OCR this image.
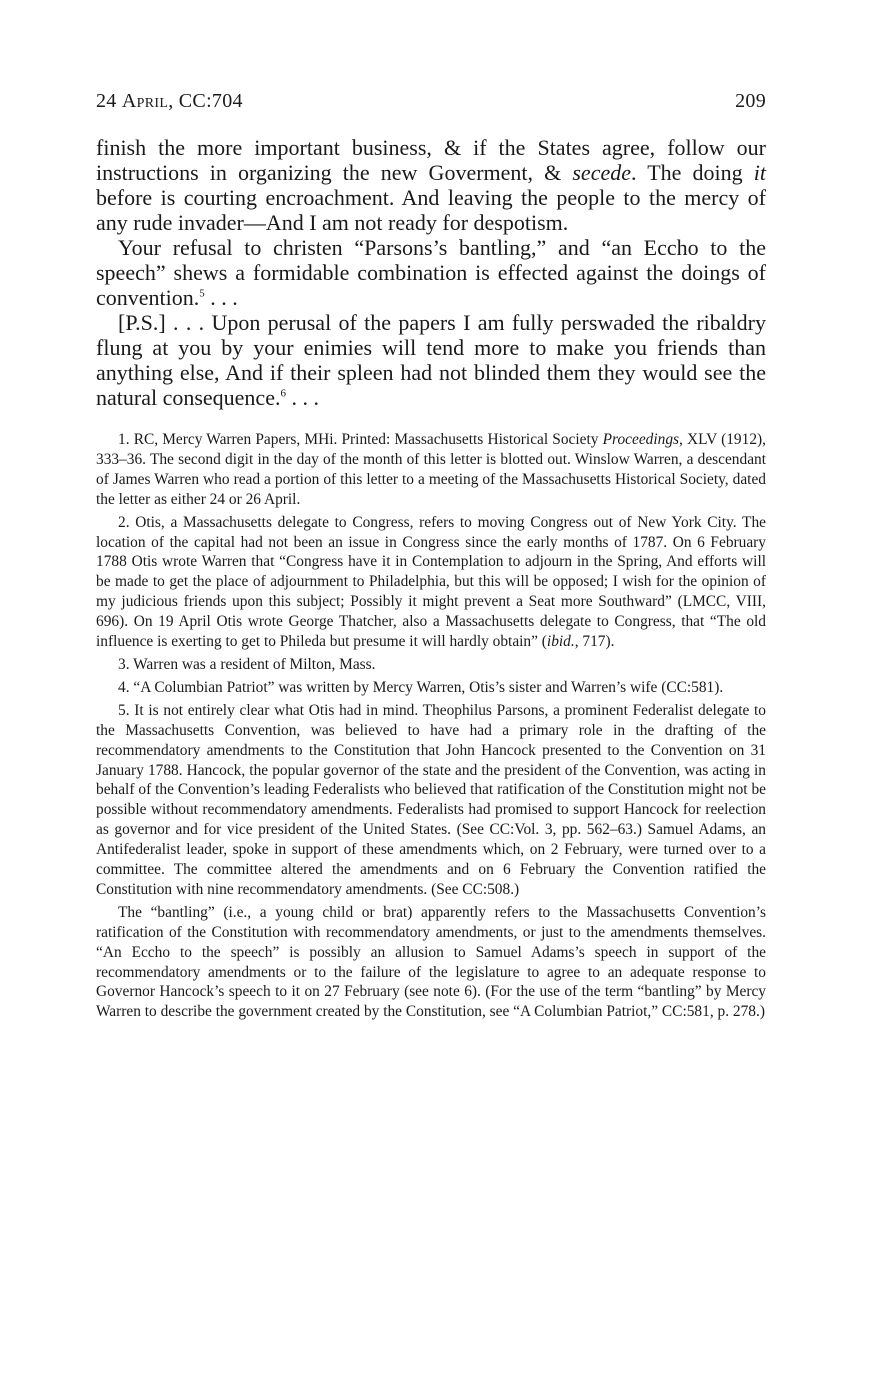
24 April, CC:704	209

finish the more important business, & if the States agree, follow our instructions in organizing the new Goverment, & secede. The doing it before is courting encroachment. And leaving the people to the mercy of any rude invader—And I am not ready for despotism.

Your refusal to christen “Parsons’s bantling,” and “an Eccho to the speech” shews a formidable combination is effected against the doings of convention.$^5$ . . .

[P.S.] . . . Upon perusal of the papers I am fully perswaded the ribaldry flung at you by your enimies will tend more to make you friends than anything else, And if their spleen had not blinded them they would see the natural consequence.$^6$ . . .

1. RC, Mercy Warren Papers, MHi. Printed: Massachusetts Historical Society Proceedings, XLV (1912), 333–36. The second digit in the day of the month of this letter is blotted out. Winslow Warren, a descendant of James Warren who read a portion of this letter to a meeting of the Massachusetts Historical Society, dated the letter as either 24 or 26 April.

2. Otis, a Massachusetts delegate to Congress, refers to moving Congress out of New York City. The location of the capital had not been an issue in Congress since the early months of 1787. On 6 February 1788 Otis wrote Warren that “Congress have it in Contemplation to adjourn in the Spring, And efforts will be made to get the place of adjournment to Philadelphia, but this will be opposed; I wish for the opinion of my judicious friends upon this subject; Possibly it might prevent a Seat more Southward” (LMCC, VIII, 696). On 19 April Otis wrote George Thatcher, also a Massachusetts delegate to Congress, that “The old influence is exerting to get to Phileda but presume it will hardly obtain” (ibid., 717).

3. Warren was a resident of Milton, Mass.

4. “A Columbian Patriot” was written by Mercy Warren, Otis’s sister and Warren’s wife (CC:581).

5. It is not entirely clear what Otis had in mind. Theophilus Parsons, a prominent Federalist delegate to the Massachusetts Convention, was believed to have had a primary role in the drafting of the recommendatory amendments to the Constitution that John Hancock presented to the Convention on 31 January 1788. Hancock, the popular governor of the state and the president of the Convention, was acting in behalf of the Convention’s leading Federalists who believed that ratification of the Constitution might not be possible without recommendatory amendments. Federalists had promised to support Hancock for reelection as governor and for vice president of the United States. (See CC:Vol. 3, pp. 562–63.) Samuel Adams, an Antifederalist leader, spoke in support of these amendments which, on 2 February, were turned over to a committee. The committee altered the amendments and on 6 February the Convention ratified the Constitution with nine recommendatory amendments. (See CC:508.)

The “bantling” (i.e., a young child or brat) apparently refers to the Massachusetts Convention’s ratification of the Constitution with recommendatory amendments, or just to the amendments themselves. “An Eccho to the speech” is possibly an allusion to Samuel Adams’s speech in support of the recommendatory amendments or to the failure of the legislature to agree to an adequate response to Governor Hancock’s speech to it on 27 February (see note 6). (For the use of the term “bantling” by Mercy Warren to describe the government created by the Constitution, see “A Columbian Patriot,” CC:581, p. 278.)
